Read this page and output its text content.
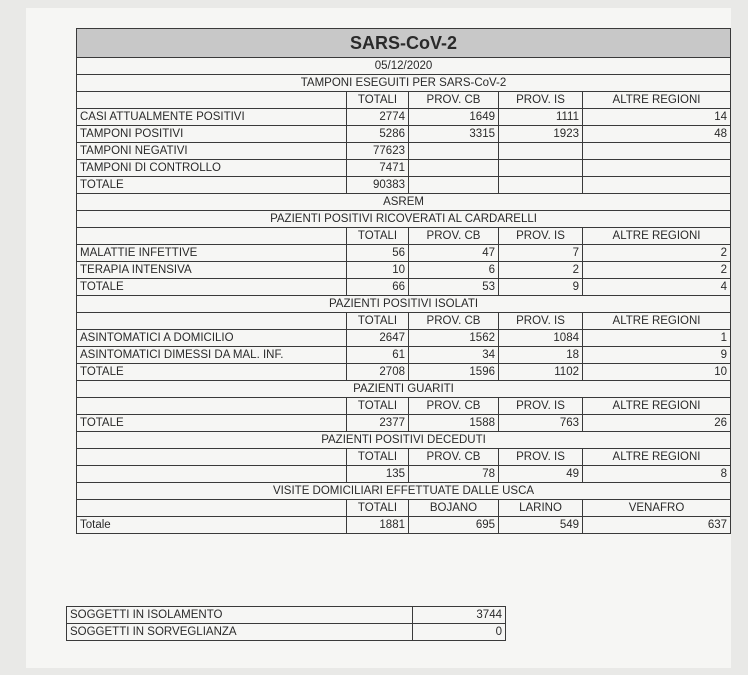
SARS-CoV-2				
05/12/2020				
TAMPONI ESEGUITI PER SARS-CoV-2				
	TOTALI	PROV. CB	PROV. IS	ALTRE REGIONI
CASI ATTUALMENTE POSITIVI	2774	1649	1111	14
TAMPONI POSITIVI	5286	3315	1923	48
TAMPONI NEGATIVI	77623			
TAMPONI DI CONTROLLO	7471			
TOTALE	90383			
ASREM				
PAZIENTI POSITIVI RICOVERATI AL CARDARELLI				
	TOTALI	PROV. CB	PROV. IS	ALTRE REGIONI
MALATTIE INFETTIVE	56	47	7	2
TERAPIA INTENSIVA	10	6	2	2
TOTALE	66	53	9	4
PAZIENTI POSITIVI ISOLATI				
	TOTALI	PROV. CB	PROV. IS	ALTRE REGIONI
ASINTOMATICI A DOMICILIO	2647	1562	1084	1
ASINTOMATICI DIMESSI DA MAL. INF.	61	34	18	9
TOTALE	2708	1596	1102	10
PAZIENTI GUARITI				
	TOTALI	PROV. CB	PROV. IS	ALTRE REGIONI
TOTALE	2377	1588	763	26
PAZIENTI POSITIVI DECEDUTI				
	TOTALI	PROV. CB	PROV. IS	ALTRE REGIONI
	135	78	49	8
VISITE DOMICILIARI EFFETTUATE DALLE USCA				
	TOTALI	BOJANO	LARINO	VENAFRO
Totale	1881	695	549	637
SOGGETTI IN ISOLAMENTO	3744
SOGGETTI IN SORVEGLIANZA	0
